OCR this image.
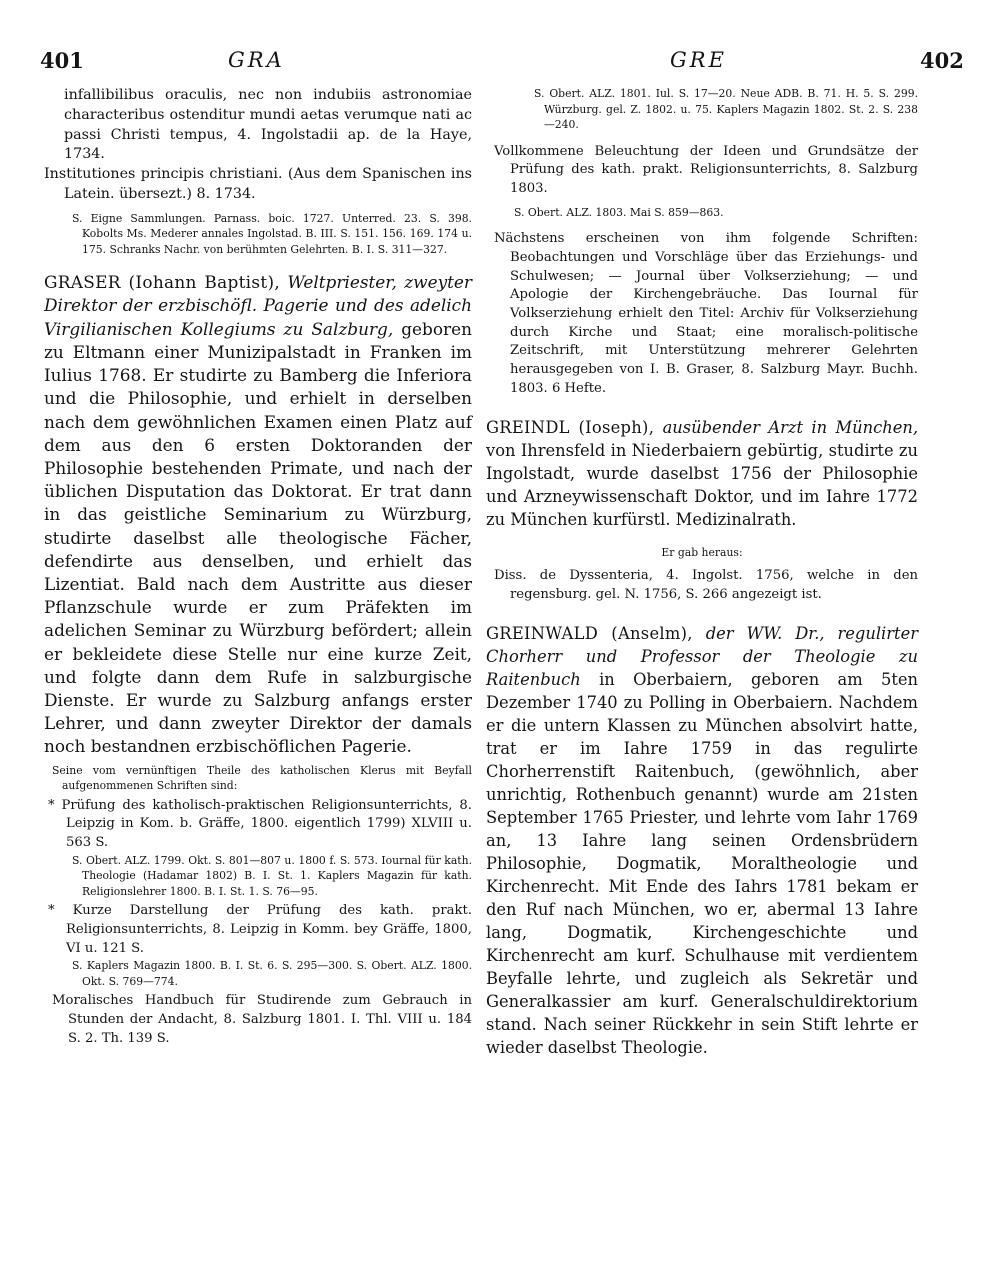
401	GRA	GRE	402
infallibilibus oraculis, nec non indubiis astronomiae characteribus ostenditur mundi aetas verumque nati ac passi Christi tempus, 4. Ingolstadii ap. de la Haye, 1734.
Institutiones principis christiani. (Aus dem Spanischen ins Latein. übersezt.) 8. 1734.
S. Eigne Sammlungen. Parnass. boic. 1727. Unterred. 23. S. 398. Kobolts Ms. Mederer annales Ingolstad. B. III. S. 151. 156. 169. 174 u. 175. Schranks Nachr. von berühmten Gelehrten. B. I. S. 311—327.
GRASER (Iohann Baptist), Weltpriester, zweyter Direktor der erzbischöfl. Pagerie und des adelich Virgilianischen Kollegiums zu Salzburg, geboren zu Eltmann einer Munizipalstadt in Franken im Iulius 1768. Er studirte zu Bamberg die Inferiora und die Philosophie, und erhielt in derselben nach dem gewöhnlichen Examen einen Platz auf dem aus den 6 ersten Doktoranden der Philosophie bestehenden Primate, und nach der üblichen Disputation das Doktorat. Er trat dann in das geistliche Seminarium zu Würzburg, studirte daselbst alle theologische Fächer, defendirte aus denselben, und erhielt das Lizentiat. Bald nach dem Austritte aus dieser Pflanzschule wurde er zum Präfekten im adelichen Seminar zu Würzburg befördert; allein er bekleidete diese Stelle nur eine kurze Zeit, und folgte dann dem Rufe in salzburgische Dienste. Er wurde zu Salzburg anfangs erster Lehrer, und dann zweyter Direktor der damals noch bestandnen erzbischöflichen Pagerie.
Seine vom vernünftigen Theile des katholischen Klerus mit Beyfall aufgenommenen Schriften sind:
* Prüfung des katholisch-praktischen Religionsunterrichts, 8. Leipzig in Kom. b. Gräffe, 1800. eigentlich 1799) XLVIII u. 563 S.
S. Obert. ALZ. 1799. Okt. S. 801—807 u. 1800 f. S. 573. Iournal für kath. Theologie (Hadamar 1802) B. I. St. 1. Kaplers Magazin für kath. Religionslehrer 1800. B. I. St. 1. S. 76—95.
* Kurze Darstellung der Prüfung des kath. prakt. Religionsunterrichts, 8. Leipzig in Komm. bey Gräffe, 1800, VI u. 121 S.
S. Kaplers Magazin 1800. B. I. St. 6. S. 295—300. S. Obert. ALZ. 1800. Okt. S. 769—774.
Moralisches Handbuch für Studirende zum Gebrauch in Stunden der Andacht, 8. Salzburg 1801. I. Thl. VIII u. 184 S. 2. Th. 139 S.
S. Obert. ALZ. 1801. Iul. S. 17—20. Neue ADB. B. 71. H. 5. S. 299. Würzburg. gel. Z. 1802. u. 75. Kaplers Magazin 1802. St. 2. S. 238—240.
Vollkommene Beleuchtung der Ideen und Grundsätze der Prüfung des kath. prakt. Religionsunterrichts, 8. Salzburg 1803.
S. Obert. ALZ. 1803. Mai S. 859—863.
Nächstens erscheinen von ihm folgende Schriften: Beobachtungen und Vorschläge über das Erziehungs- und Schulwesen; — Journal über Volkserziehung; — und Apologie der Kirchengebräuche. Das Iournal für Volkserziehung erhielt den Titel: Archiv für Volkserziehung durch Kirche und Staat; eine moralisch-politische Zeitschrift, mit Unterstützung mehrerer Gelehrten herausgegeben von I. B. Graser, 8. Salzburg Mayr. Buchh. 1803. 6 Hefte.
GREINDL (Ioseph), ausübender Arzt in München, von Ihrensfeld in Niederbaiern gebürtig, studirte zu Ingolstadt, wurde daselbst 1756 der Philosophie und Arzneywissenschaft Doktor, und im Iahre 1772 zu München kurfürstl. Medizinalrath.
Er gab heraus:
Diss. de Dyssenteria, 4. Ingolst. 1756, welche in den regensburg. gel. N. 1756, S. 266 angezeigt ist.
GREINWALD (Anselm), der WW. Dr., regulirter Chorherr und Professor der Theologie zu Raitenbuch in Oberbaiern, geboren am 5ten Dezember 1740 zu Polling in Oberbaiern. Nachdem er die untern Klassen zu München absolvirt hatte, trat er im Iahre 1759 in das regulirte Chorherrenstift Raitenbuch, (gewöhnlich, aber unrichtig, Rothenbuch genannt) wurde am 21sten September 1765 Priester, und lehrte vom Iahr 1769 an, 13 Iahre lang seinen Ordensbrüdern Philosophie, Dogmatik, Moraltheologie und Kirchenrecht. Mit Ende des Iahrs 1781 bekam er den Ruf nach München, wo er, abermal 13 Iahre lang, Dogmatik, Kirchengeschichte und Kirchenrecht am kurf. Schulhause mit verdientem Beyfalle lehrte, und zugleich als Sekretär und Generalkassier am kurf. Generalschuldirektorium stand. Nach seiner Rückkehr in sein Stift lehrte er wieder daselbst Theologie.
